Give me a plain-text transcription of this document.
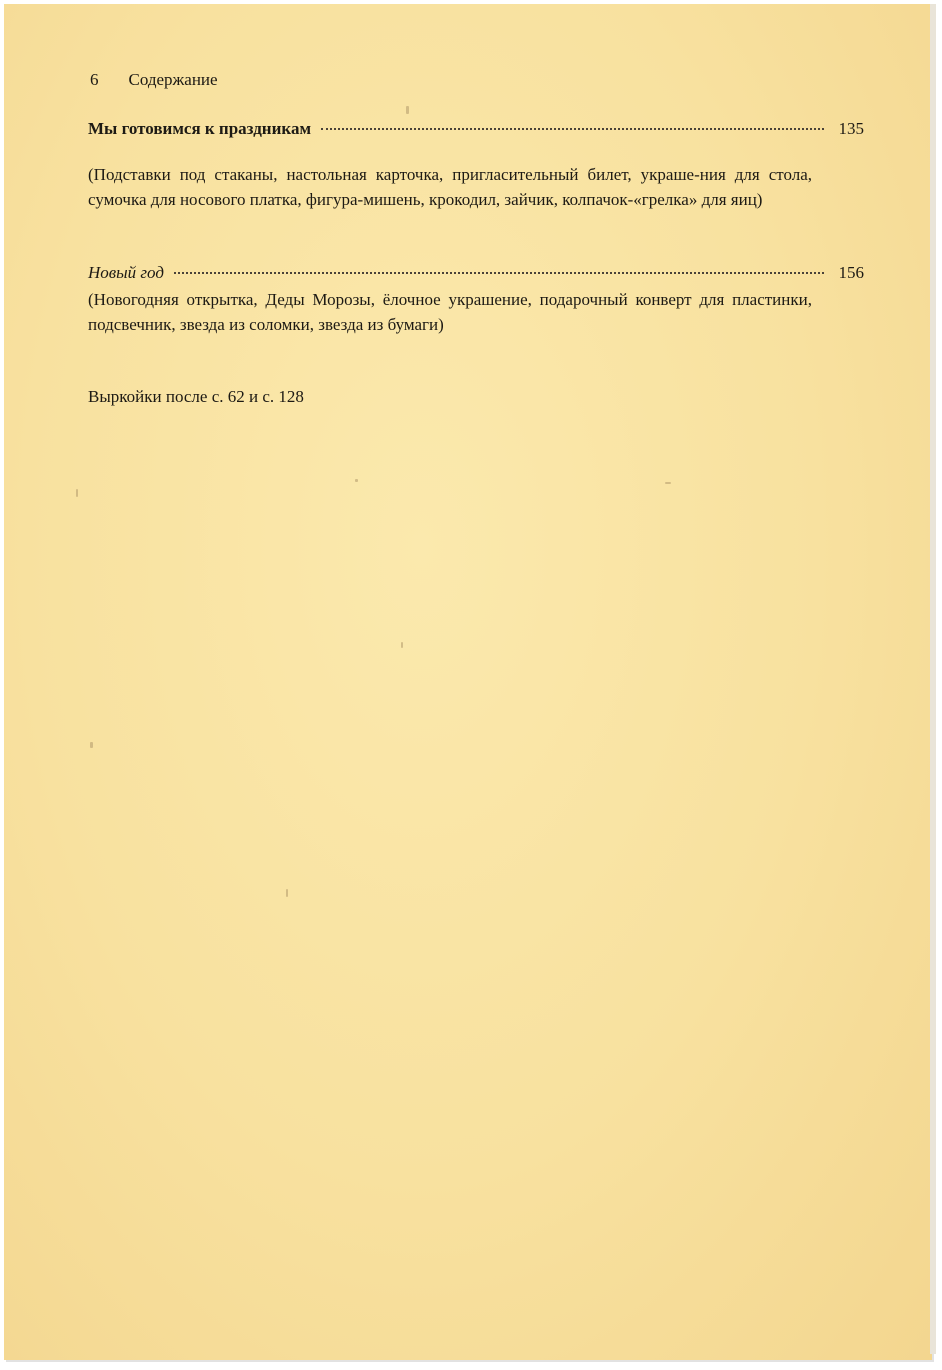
6 Содержание
Мы готовимся к праздникам	135
(Подставки под стаканы, настольная карточка, пригласительный билет, украше-ния для стола, сумочка для носового платка, фигура-мишень, крокодил, зайчик, колпачок-«грелка» для яиц)
Новый год	156
(Новогодняя открытка, Деды Морозы, ёлочное украшение, подарочный конверт для пластинки, подсвечник, звезда из соломки, звезда из бумаги)
Выркойки после с. 62 и с. 128
